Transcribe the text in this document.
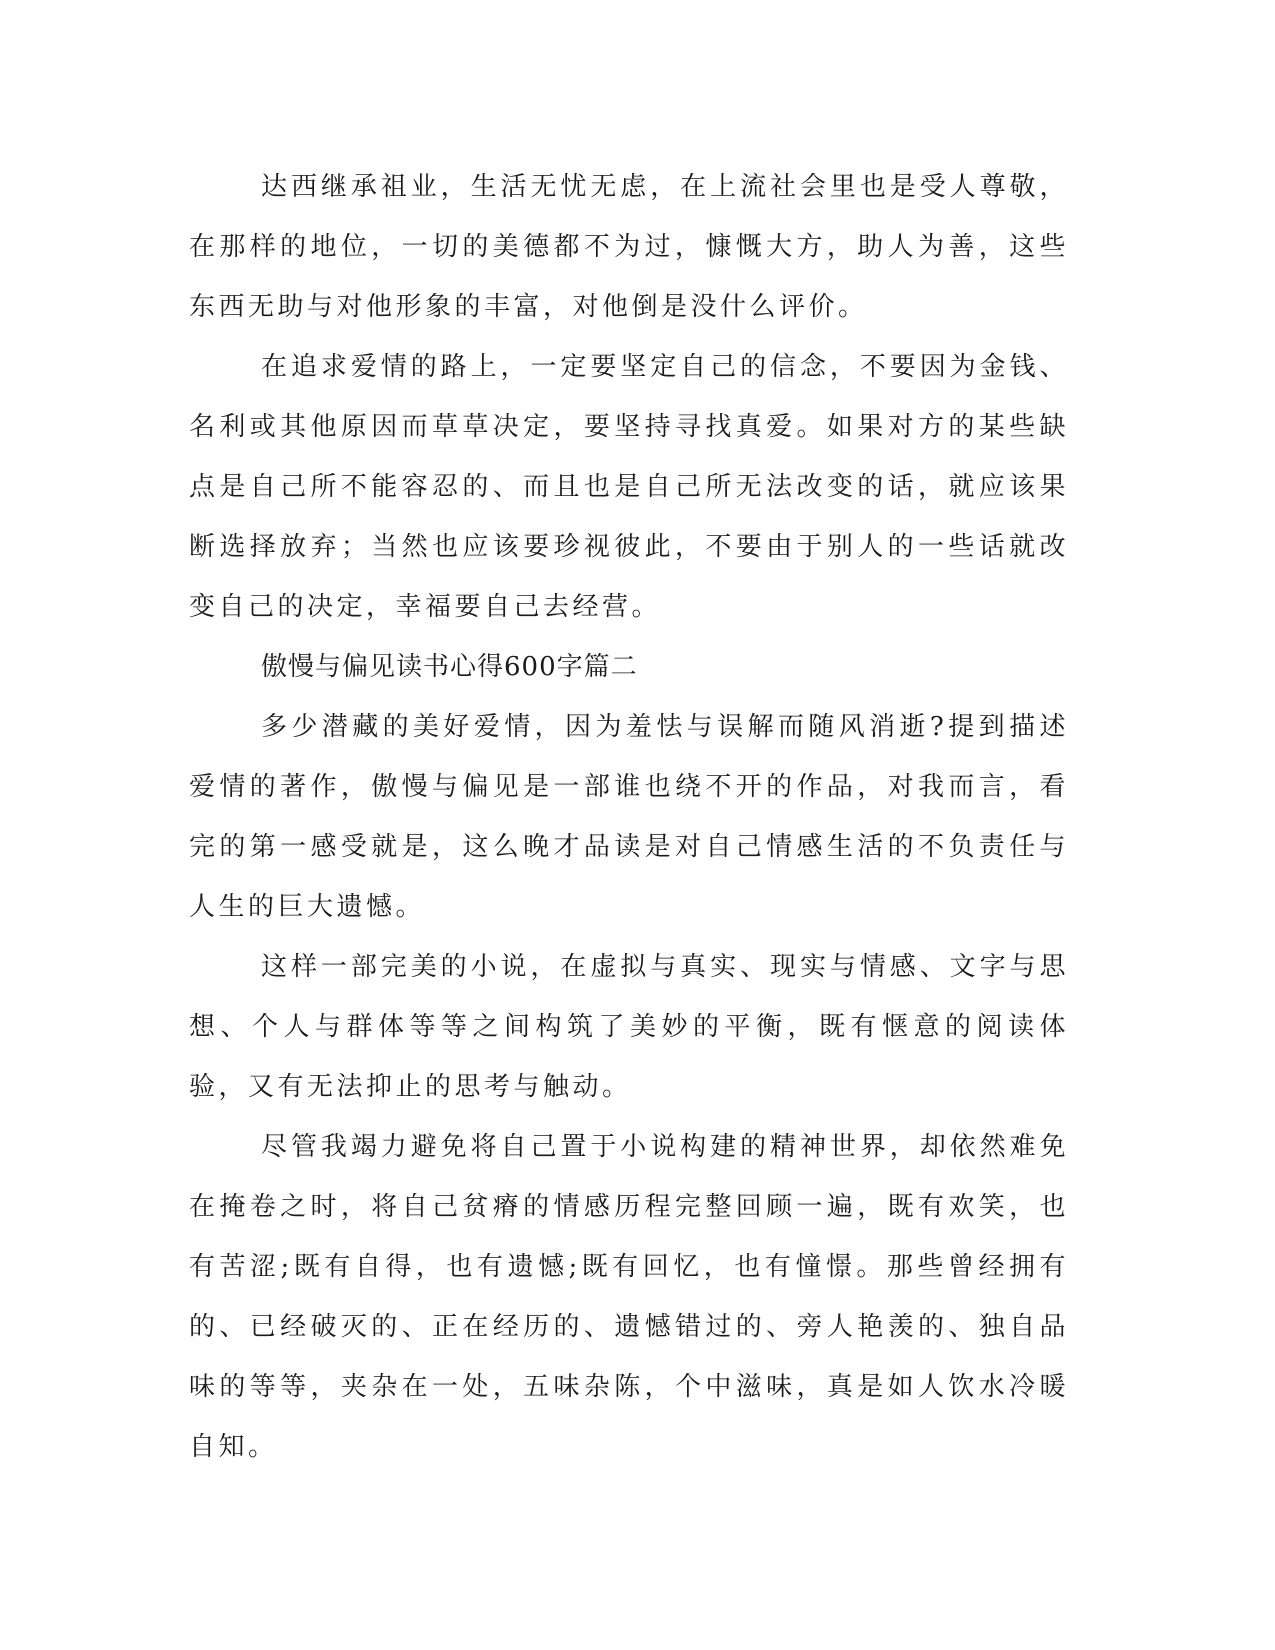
达西继承祖业，生活无忧无虑，在上流社会里也是受人尊敬，在那样的地位，一切的美德都不为过，慷慨大方，助人为善，这些东西无助与对他形象的丰富，对他倒是没什么评价。

在追求爱情的路上，一定要坚定自己的信念，不要因为金钱、名利或其他原因而草草决定，要坚持寻找真爱。如果对方的某些缺点是自己所不能容忍的、而且也是自己所无法改变的话，就应该果断选择放弃；当然也应该要珍视彼此，不要由于别人的一些话就改变自己的决定，幸福要自己去经营。

傲慢与偏见读书心得600字篇二

多少潜藏的美好爱情，因为羞怯与误解而随风消逝?提到描述爱情的著作，傲慢与偏见是一部谁也绕不开的作品，对我而言，看完的第一感受就是，这么晚才品读是对自己情感生活的不负责任与人生的巨大遗憾。

这样一部完美的小说，在虚拟与真实、现实与情感、文字与思想、个人与群体等等之间构筑了美妙的平衡，既有惬意的阅读体验，又有无法抑止的思考与触动。

尽管我竭力避免将自己置于小说构建的精神世界，却依然难免在掩卷之时，将自己贫瘠的情感历程完整回顾一遍，既有欢笑，也有苦涩;既有自得，也有遗憾;既有回忆，也有憧憬。那些曾经拥有的、已经破灭的、正在经历的、遗憾错过的、旁人艳羡的、独自品味的等等，夹杂在一处，五味杂陈，个中滋味，真是如人饮水冷暖自知。
